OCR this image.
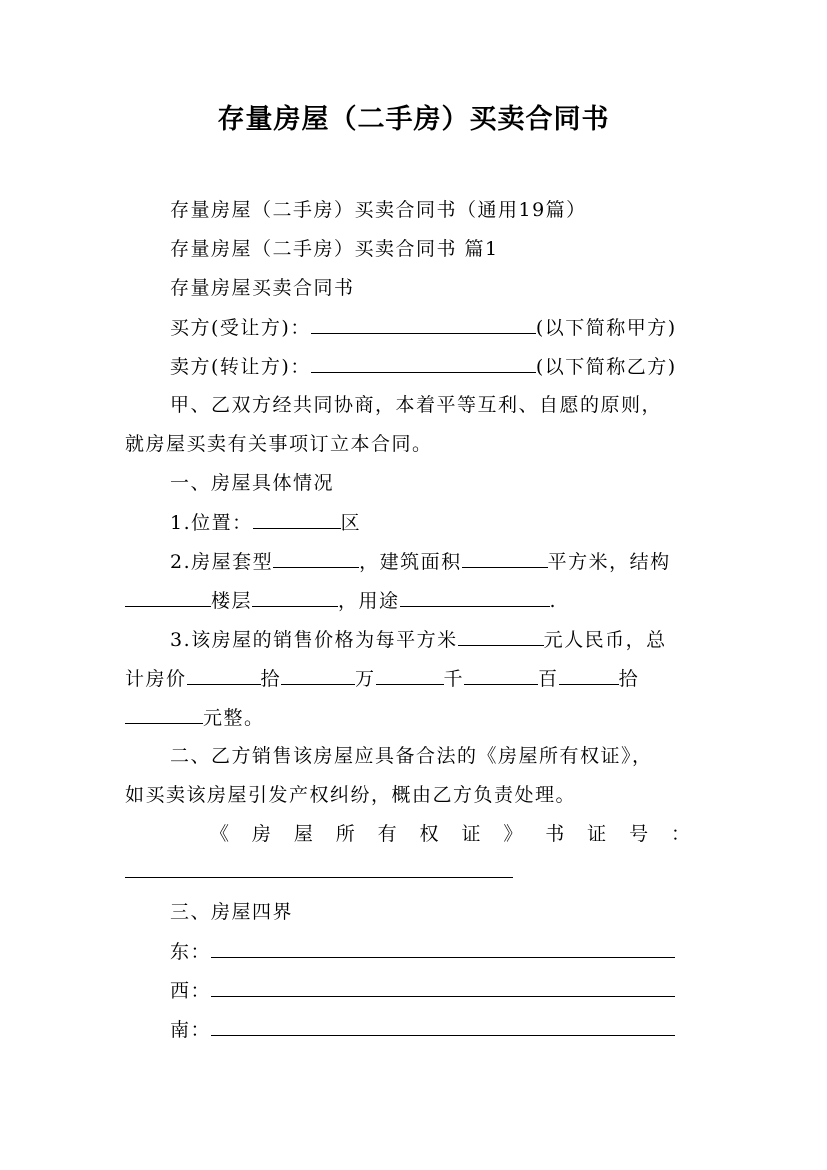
存量房屋（二手房）买卖合同书
存量房屋（二手房）买卖合同书（通用19篇）
存量房屋（二手房）买卖合同书 篇1
存量房屋买卖合同书
买方(受让方)：	(以下简称甲方)
卖方(转让方)：	(以下简称乙方)
甲、乙双方经共同协商，本着平等互利、自愿的原则，
就房屋买卖有关事项订立本合同。
一、房屋具体情况
1.位置：	区
2.房屋套型	，建筑面积	平方米，结构
楼层	，用途	.
3.该房屋的销售价格为每平方米	元人民币，总
计房价	拾	万	千	百	拾
元整。
二、乙方销售该房屋应具备合法的《房屋所有权证》，
如买卖该房屋引发产权纠纷，概由乙方负责处理。
《 房 屋 所 有 权 证 》 书 证 号 ：
三、房屋四界
东：
西：
南：
